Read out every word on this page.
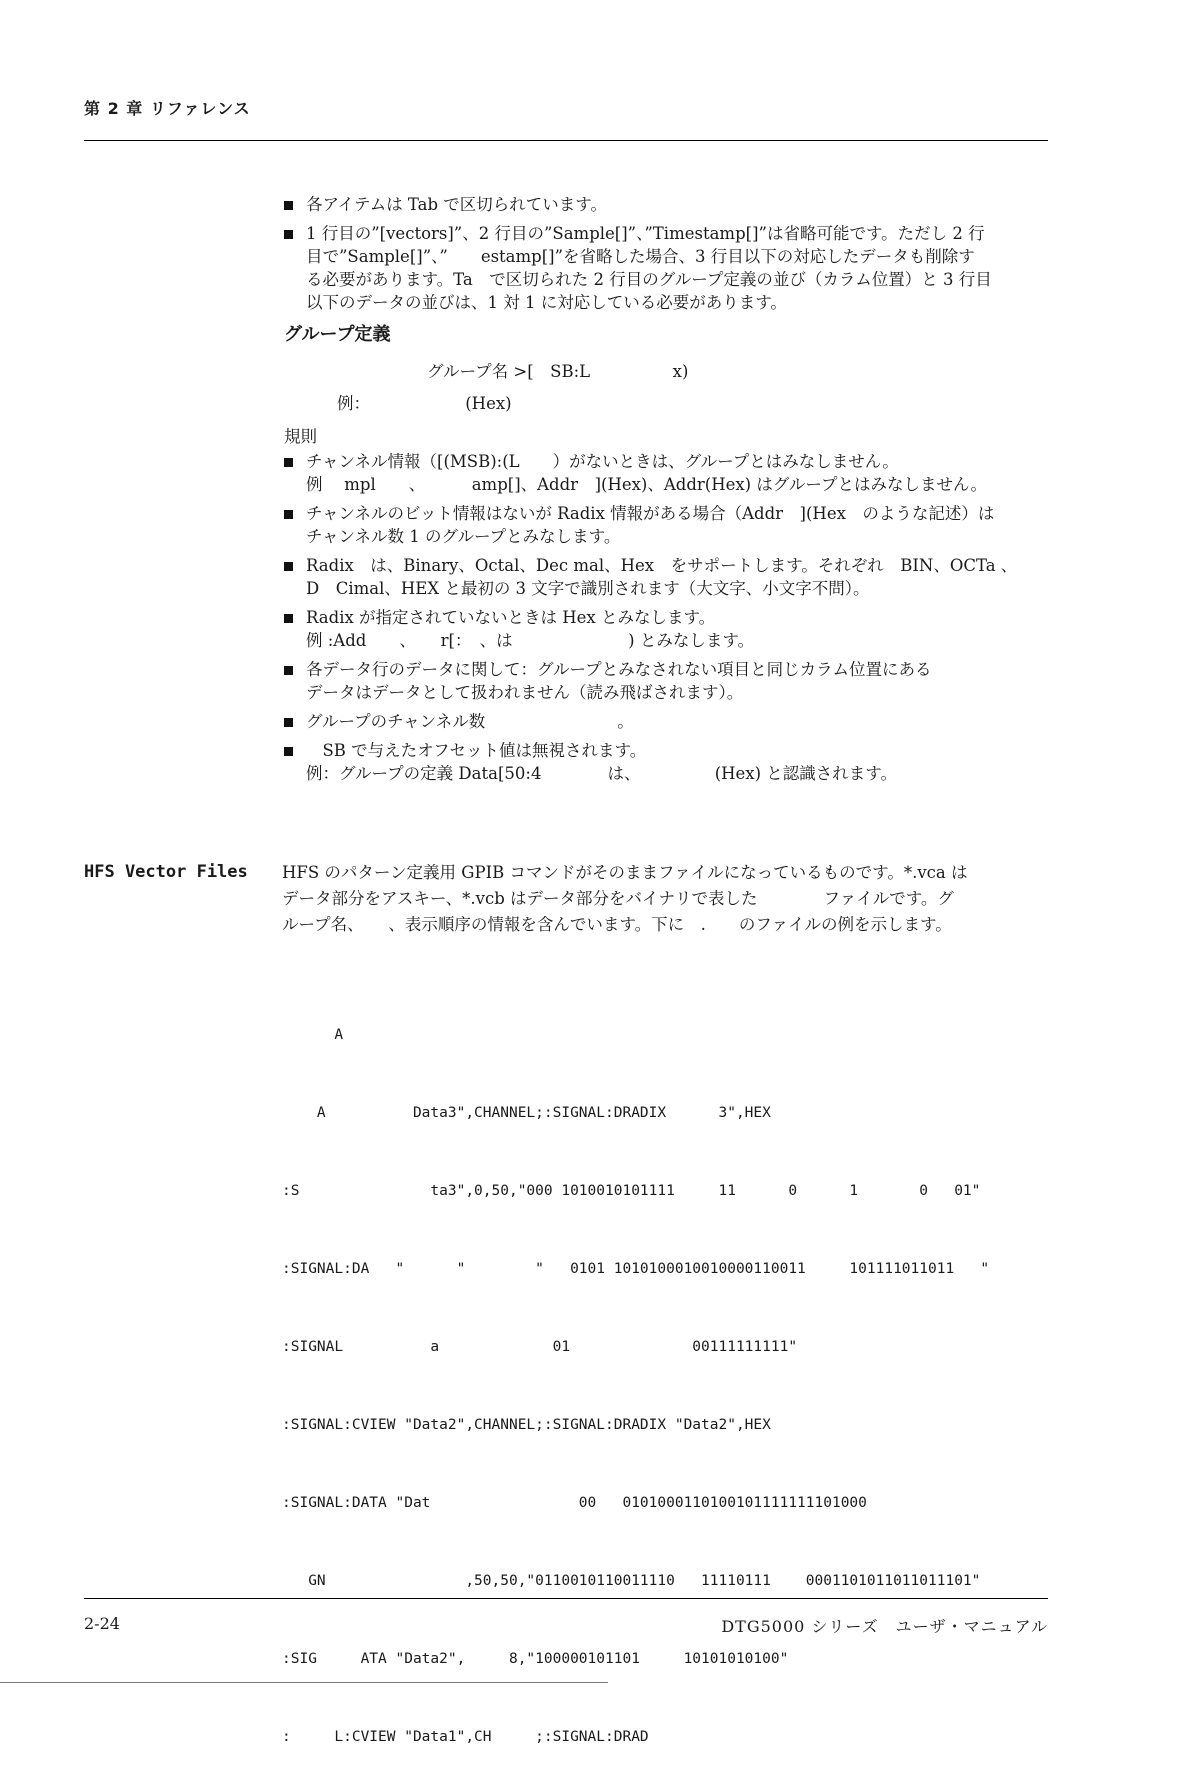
第 2 章 リファレンス
各アイテムは Tab で区切られています。
1 行目の”[vectors]”、2 行目の”Sample[]”、”Timestamp[]”は省略可能です。ただし 2 行
目で”Sample[]”、”　　estamp[]”を省略した場合、3 行目以下の対応したデータも削除す
る必要があります。Ta　で区切られた 2 行目のグループ定義の並び（カラム位置）と 3 行目
以下のデータの並びは、1 対 1 に対応している必要があります。
グループ定義
グループ名 >[　SB:L　　　　　x)
例：	(Hex)
規則
チャンネル情報（[(MSB):(L　　）がないときは、グループとはみなしません。
例　 mpl　　、　　　 amp[]、Addr　](Hex)、Addr(Hex) はグループとはみなしません。
チャンネルのビット情報はないが Radix 情報がある場合（Addr　](Hex　のような記述）は
チャンネル数 1 のグループとみなします。
Radix　は、Binary、Octal、Dec mal、Hex　をサポートします。それぞれ　BIN、OCTa 、
D　Cimal、HEX と最初の 3 文字で識別されます（大文字、小文字不問）。
Radix が指定されていないときは Hex とみなします。
例 :Add　　、　　r[：　、は　　　　　　　) とみなします。
各データ行のデータに関して：グループとみなされない項目と同じカラム位置にある
データはデータとして扱われません（読み飛ばされます）。
グループのチャンネル数　　　　　　　　。
　SB で与えたオフセット値は無視されます。
例：グループの定義 Data[50:4　　　　は、　　　　　(Hex) と認識されます。
HFS Vector Files HFS のパターン定義用 GPIB コマンドがそのままファイルになっているものです。*.vca は
データ部分をアスキー、*.vcb はデータ部分をバイナリで表した　　　　ファイルです。グ
ループ名、　　、表示順序の情報を含んでいます。下に　.　　のファイルの例を示します。

A

A          Data3",CHANNEL;:SIGNAL:DRADIX      3",HEX

:S               ta3",0,50,"000 1010010101111     11      0      1       0   01"

:SIGNAL:DA   "      "        "   0101 1010100010010000110011     101111011011   "

:SIGNAL          a             01              00111111111"

:SIGNAL:CVIEW "Data2",CHANNEL;:SIGNAL:DRADIX "Data2",HEX

:SIGNAL:DATA "Dat                 00   0101000110100101111111101000

GN                ,50,50,"0110010110011110   11110111    0001101011011011101"

:SIG     ATA "Data2",     8,"100000101101     10101010100"

:     L:CVIEW "Data1",CH     ;:SIGNAL:DRAD

2-24	DTG5000 シリーズ　ユーザ・マニュアル
